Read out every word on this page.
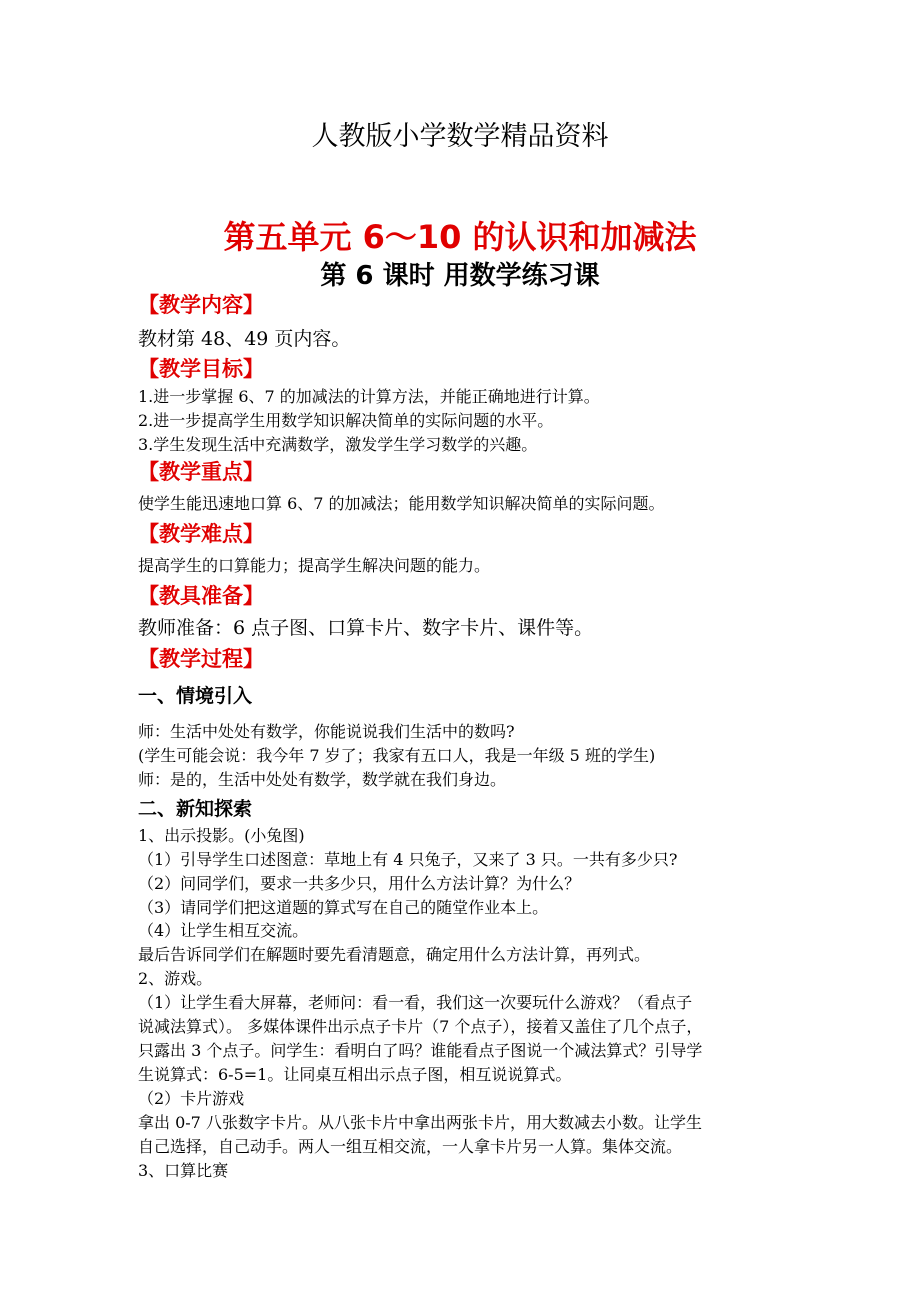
人教版小学数学精品资料
第五单元 6～10 的认识和加减法
第 6 课时 用数学练习课
【教学内容】
教材第 48、49 页内容。
【教学目标】
1.进一步掌握 6、7 的加减法的计算方法，并能正确地进行计算。
2.进一步提高学生用数学知识解决简单的实际问题的水平。
3.学生发现生活中充满数学，激发学生学习数学的兴趣。
【教学重点】
使学生能迅速地口算 6、7 的加减法；能用数学知识解决简单的实际问题。
【教学难点】
提高学生的口算能力；提高学生解决问题的能力。
【教具准备】
教师准备：6 点子图、口算卡片、数字卡片、课件等。
【教学过程】
一、情境引入
师：生活中处处有数学，你能说说我们生活中的数吗?
(学生可能会说：我今年 7 岁了；我家有五口人，我是一年级 5 班的学生)
师：是的，生活中处处有数学，数学就在我们身边。
二、新知探索
1、出示投影。(小兔图)
（1）引导学生口述图意：草地上有 4 只兔子，又来了 3 只。一共有多少只?
（2）问同学们，要求一共多少只，用什么方法计算？为什么？
（3）请同学们把这道题的算式写在自己的随堂作业本上。
（4）让学生相互交流。
最后告诉同学们在解题时要先看清题意，确定用什么方法计算，再列式。
2、游戏。
（1）让学生看大屏幕，老师问：看一看，我们这一次要玩什么游戏？（看点子
说减法算式）。 多媒体课件出示点子卡片（7 个点子），接着又盖住了几个点子，
只露出 3 个点子。问学生：看明白了吗？谁能看点子图说一个减法算式？引导学
生说算式：6-5=1。让同桌互相出示点子图，相互说说算式。
（2）卡片游戏
拿出 0-7 八张数字卡片。从八张卡片中拿出两张卡片，用大数减去小数。让学生
自己选择，自己动手。两人一组互相交流，一人拿卡片另一人算。集体交流。
3、口算比赛
